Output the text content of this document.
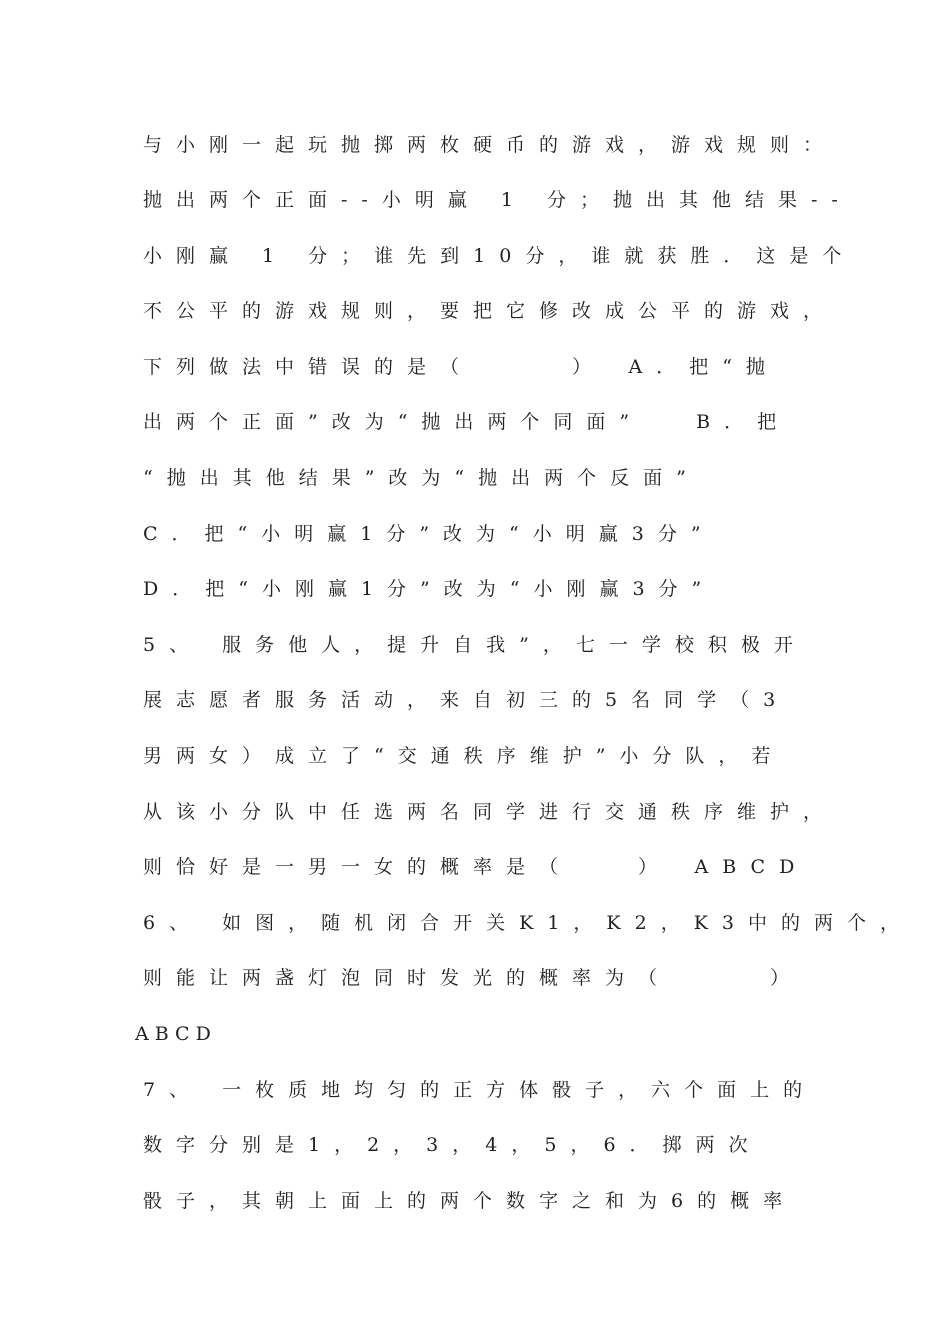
与小刚一起玩抛掷两枚硬币的游戏，游戏规则：
抛出两个正面--小明赢 1 分；抛出其他结果--
小刚赢 1 分；谁先到10分，谁就获胜．这是个
不公平的游戏规则，要把它修改成公平的游戏，
下列做法中错误的是（　　　）　A．把“抛
出两个正面”改为“抛出两个同面”　 B．把
“抛出其他结果”改为“抛出两个反面”
C．把“小明赢1分”改为“小明赢3分”
D．把“小刚赢1分”改为“小刚赢3分”
5、 服务他人，提升自我”，七一学校积极开
展志愿者服务活动，来自初三的5名同学（3
男两女）成立了“交通秩序维护”小分队，若
从该小分队中任选两名同学进行交通秩序维护，
则恰好是一男一女的概率是（　　）　ABCD
6、 如图，随机闭合开关K1，K2，K3中的两个，
则能让两盏灯泡同时发光的概率为（　　　）
ABCD
7、 一枚质地均匀的正方体骰子，六个面上的
数字分别是1，2，3，4，5，6．掷两次
骰子，其朝上面上的两个数字之和为6的概率
